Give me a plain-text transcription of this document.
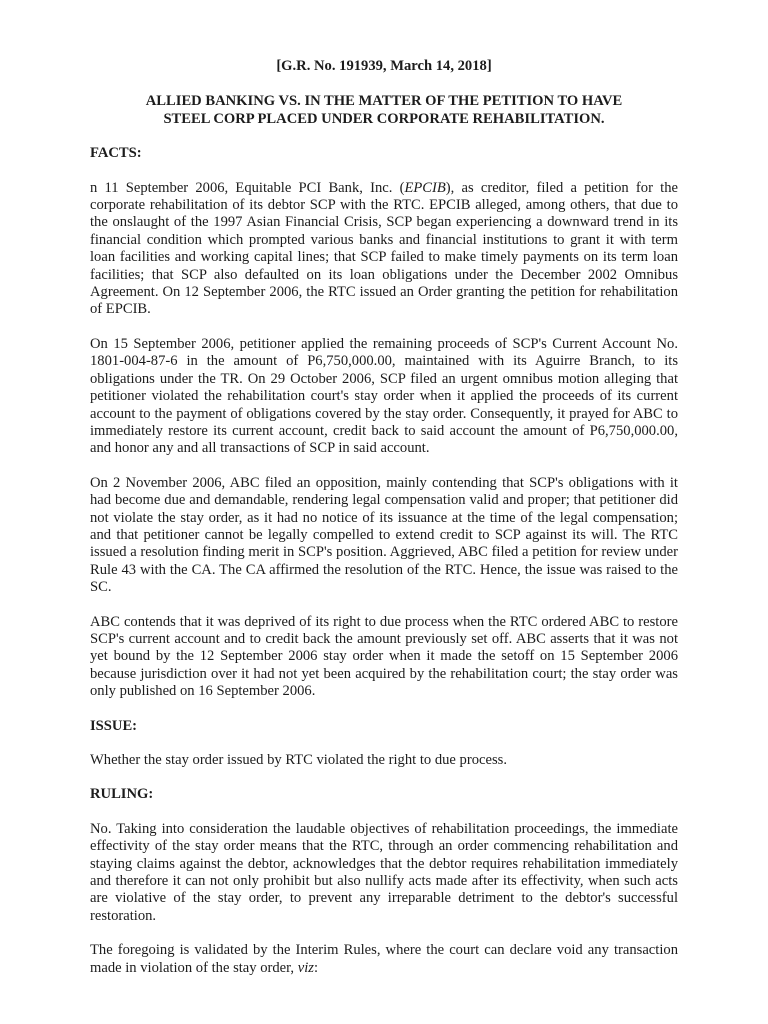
[G.R. No. 191939, March 14, 2018]

ALLIED BANKING VS. IN THE MATTER OF THE PETITION TO HAVE
STEEL CORP PLACED UNDER CORPORATE REHABILITATION.

FACTS:

n 11 September 2006, Equitable PCI Bank, Inc. (EPCIB), as creditor, filed a petition for the corporate rehabilitation of its debtor SCP with the RTC. EPCIB alleged, among others, that due to the onslaught of the 1997 Asian Financial Crisis, SCP began experiencing a downward trend in its financial condition which prompted various banks and financial institutions to grant it with term loan facilities and working capital lines; that SCP failed to make timely payments on its term loan facilities; that SCP also defaulted on its loan obligations under the December 2002 Omnibus Agreement. On 12 September 2006, the RTC issued an Order granting the petition for rehabilitation of EPCIB.

On 15 September 2006, petitioner applied the remaining proceeds of SCP's Current Account No. 1801-004-87-6 in the amount of P6,750,000.00, maintained with its Aguirre Branch, to its obligations under the TR. On 29 October 2006, SCP filed an urgent omnibus motion alleging that petitioner violated the rehabilitation court's stay order when it applied the proceeds of its current account to the payment of obligations covered by the stay order. Consequently, it prayed for ABC to immediately restore its current account, credit back to said account the amount of P6,750,000.00, and honor any and all transactions of SCP in said account.

On 2 November 2006, ABC filed an opposition, mainly contending that SCP's obligations with it had become due and demandable, rendering legal compensation valid and proper; that petitioner did not violate the stay order, as it had no notice of its issuance at the time of the legal compensation; and that petitioner cannot be legally compelled to extend credit to SCP against its will. The RTC issued a resolution finding merit in SCP's position. Aggrieved, ABC filed a petition for review under Rule 43 with the CA. The CA affirmed the resolution of the RTC. Hence, the issue was raised to the SC.

ABC contends that it was deprived of its right to due process when the RTC ordered ABC to restore SCP's current account and to credit back the amount previously set off. ABC asserts that it was not yet bound by the 12 September 2006 stay order when it made the setoff on 15 September 2006 because jurisdiction over it had not yet been acquired by the rehabilitation court; the stay order was only published on 16 September 2006.

ISSUE:

Whether the stay order issued by RTC violated the right to due process.

RULING:

No. Taking into consideration the laudable objectives of rehabilitation proceedings, the immediate effectivity of the stay order means that the RTC, through an order commencing rehabilitation and staying claims against the debtor, acknowledges that the debtor requires rehabilitation immediately and therefore it can not only prohibit but also nullify acts made after its effectivity, when such acts are violative of the stay order, to prevent any irreparable detriment to the debtor's successful restoration.

The foregoing is validated by the Interim Rules, where the court can declare void any transaction made in violation of the stay order, viz:
